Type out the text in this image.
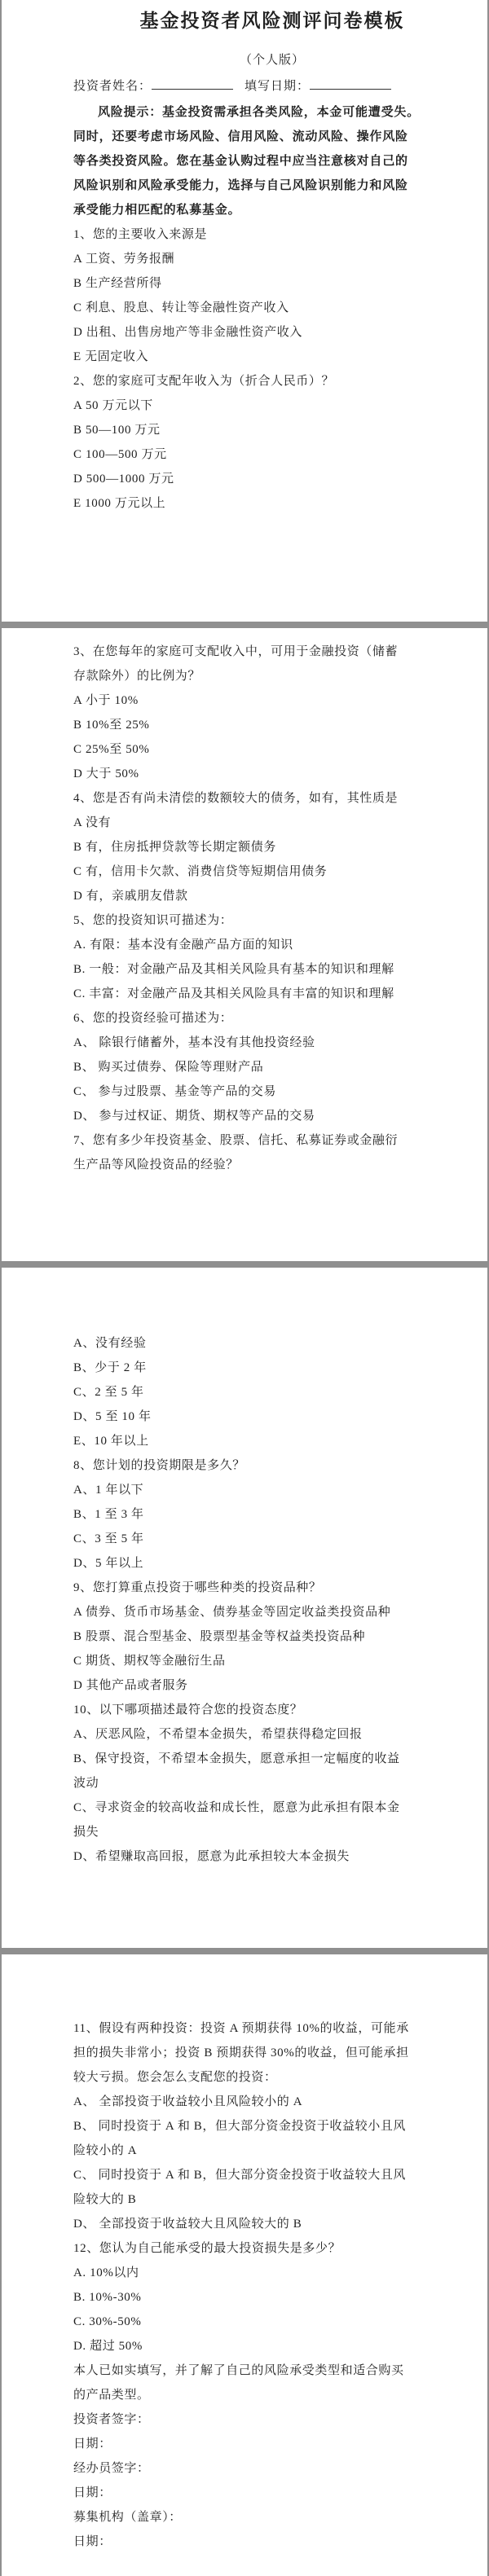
基金投资者风险测评问卷模板
（个人版）
投资者姓名：	填写日期：
风险提示：基金投资需承担各类风险，本金可能遭受失。
同时，还要考虑市场风险、信用风险、流动风险、操作风险
等各类投资风险。您在基金认购过程中应当注意核对自己的
风险识别和风险承受能力，选择与自己风险识别能力和风险
承受能力相匹配的私募基金。
1、您的主要收入来源是
A 工资、劳务报酬
B 生产经营所得
C 利息、股息、转让等金融性资产收入
D 出租、出售房地产等非金融性资产收入
E 无固定收入
2、您的家庭可支配年收入为（折合人民币）？
A 50 万元以下
B 50—100 万元
C 100—500 万元
D 500—1000 万元
E 1000 万元以上
3、在您每年的家庭可支配收入中，可用于金融投资（储蓄
存款除外）的比例为？
A 小于 10%
B 10%至 25%
C 25%至 50%
D 大于 50%
4、您是否有尚未清偿的数额较大的债务，如有，其性质是
A 没有
B 有，住房抵押贷款等长期定额债务
C 有，信用卡欠款、消费信贷等短期信用债务
D 有，亲戚朋友借款
5、您的投资知识可描述为：
A. 有限：基本没有金融产品方面的知识
B. 一般：对金融产品及其相关风险具有基本的知识和理解
C. 丰富：对金融产品及其相关风险具有丰富的知识和理解
6、您的投资经验可描述为：
A、 除银行储蓄外，基本没有其他投资经验
B、 购买过债券、保险等理财产品
C、 参与过股票、基金等产品的交易
D、 参与过权证、期货、期权等产品的交易
7、您有多少年投资基金、股票、信托、私募证券或金融衍
生产品等风险投资品的经验？
A、没有经验
B、少于 2 年
C、2 至 5 年
D、5 至 10 年
E、10 年以上
8、您计划的投资期限是多久？
A、1 年以下
B、1 至 3 年
C、3 至 5 年
D、5 年以上
9、您打算重点投资于哪些种类的投资品种？
A 债券、货币市场基金、债券基金等固定收益类投资品种
B 股票、混合型基金、股票型基金等权益类投资品种
C 期货、期权等金融衍生品
D 其他产品或者服务
10、以下哪项描述最符合您的投资态度？
A、厌恶风险，不希望本金损失，希望获得稳定回报
B、保守投资，不希望本金损失，愿意承担一定幅度的收益
波动
C、寻求资金的较高收益和成长性，愿意为此承担有限本金
损失
D、希望赚取高回报，愿意为此承担较大本金损失
11、假设有两种投资：投资 A 预期获得 10%的收益，可能承
担的损失非常小；投资 B 预期获得 30%的收益，但可能承担
较大亏损。您会怎么支配您的投资：
A、 全部投资于收益较小且风险较小的 A
B、 同时投资于 A 和 B，但大部分资金投资于收益较小且风
险较小的 A
C、 同时投资于 A 和 B，但大部分资金投资于收益较大且风
险较大的 B
D、 全部投资于收益较大且风险较大的 B
12、您认为自己能承受的最大投资损失是多少？
A. 10%以内
B. 10%-30%
C. 30%-50%
D. 超过 50%
本人已如实填写，并了解了自己的风险承受类型和适合购买
的产品类型。
投资者签字：
日期：
经办员签字：
日期：
募集机构（盖章）：
日期：
